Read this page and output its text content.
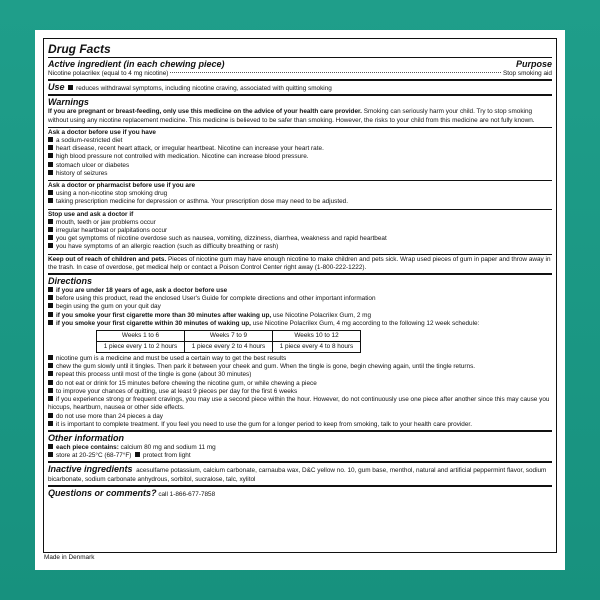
Drug Facts
Active ingredient (in each chewing piece)	Purpose
Nicotine polacrilex (equal to 4 mg nicotine)	Stop smoking aid
Use reduces withdrawal symptoms, including nicotine craving, associated with quitting smoking
Warnings
If you are pregnant or breast-feeding, only use this medicine on the advice of your health care provider. Smoking can seriously harm your child. Try to stop smoking without using any nicotine replacement medicine. This medicine is believed to be safer than smoking. However, the risks to your child from this medicine are not fully known.
Ask a doctor before use if you have
a sodium-restricted diet
heart disease, recent heart attack, or irregular heartbeat. Nicotine can increase your heart rate.
high blood pressure not controlled with medication. Nicotine can increase blood pressure.
stomach ulcer or diabetes
history of seizures
Ask a doctor or pharmacist before use if you are
using a non-nicotine stop smoking drug
taking prescription medicine for depression or asthma. Your prescription dose may need to be adjusted.
Stop use and ask a doctor if
mouth, teeth or jaw problems occur
irregular heartbeat or palpitations occur
you get symptoms of nicotine overdose such as nausea, vomiting, dizziness, diarrhea, weakness and rapid heartbeat
you have symptoms of an allergic reaction (such as difficulty breathing or rash)
Keep out of reach of children and pets. Pieces of nicotine gum may have enough nicotine to make children and pets sick. Wrap used pieces of gum in paper and throw away in the trash. In case of overdose, get medical help or contact a Poison Control Center right away (1-800-222-1222).
Directions
if you are under 18 years of age, ask a doctor before use
before using this product, read the enclosed User's Guide for complete directions and other important information
begin using the gum on your quit day
if you smoke your first cigarette more than 30 minutes after waking up, use Nicotine Polacrilex Gum, 2 mg
if you smoke your first cigarette within 30 minutes of waking up, use Nicotine Polacrilex Gum, 4 mg according to the following 12 week schedule:
Weeks 1 to 6	Weeks 7 to 9	Weeks 10 to 12
1 piece every 1 to 2 hours	1 piece every 2 to 4 hours	1 piece every 4 to 8 hours
nicotine gum is a medicine and must be used a certain way to get the best results
chew the gum slowly until it tingles. Then park it between your cheek and gum. When the tingle is gone, begin chewing again, until the tingle returns.
repeat this process until most of the tingle is gone (about 30 minutes)
do not eat or drink for 15 minutes before chewing the nicotine gum, or while chewing a piece
to improve your chances of quitting, use at least 9 pieces per day for the first 6 weeks
if you experience strong or frequent cravings, you may use a second piece within the hour. However, do not continuously use one piece after another since this may cause you hiccups, heartburn, nausea or other side effects.
do not use more than 24 pieces a day
it is important to complete treatment. If you feel you need to use the gum for a longer period to keep from smoking, talk to your health care provider.
Other information
each piece contains: calcium 80 mg and sodium 11 mg
store at 20-25°C (68-77°F) protect from light
Inactive ingredients acesulfame potassium, calcium carbonate, carnauba wax, D&C yellow no. 10, gum base, menthol, natural and artificial peppermint flavor, sodium bicarbonate, sodium carbonate anhydrous, sorbitol, sucralose, talc, xylitol
Questions or comments? call 1-866-677-7858
Made in Denmark
